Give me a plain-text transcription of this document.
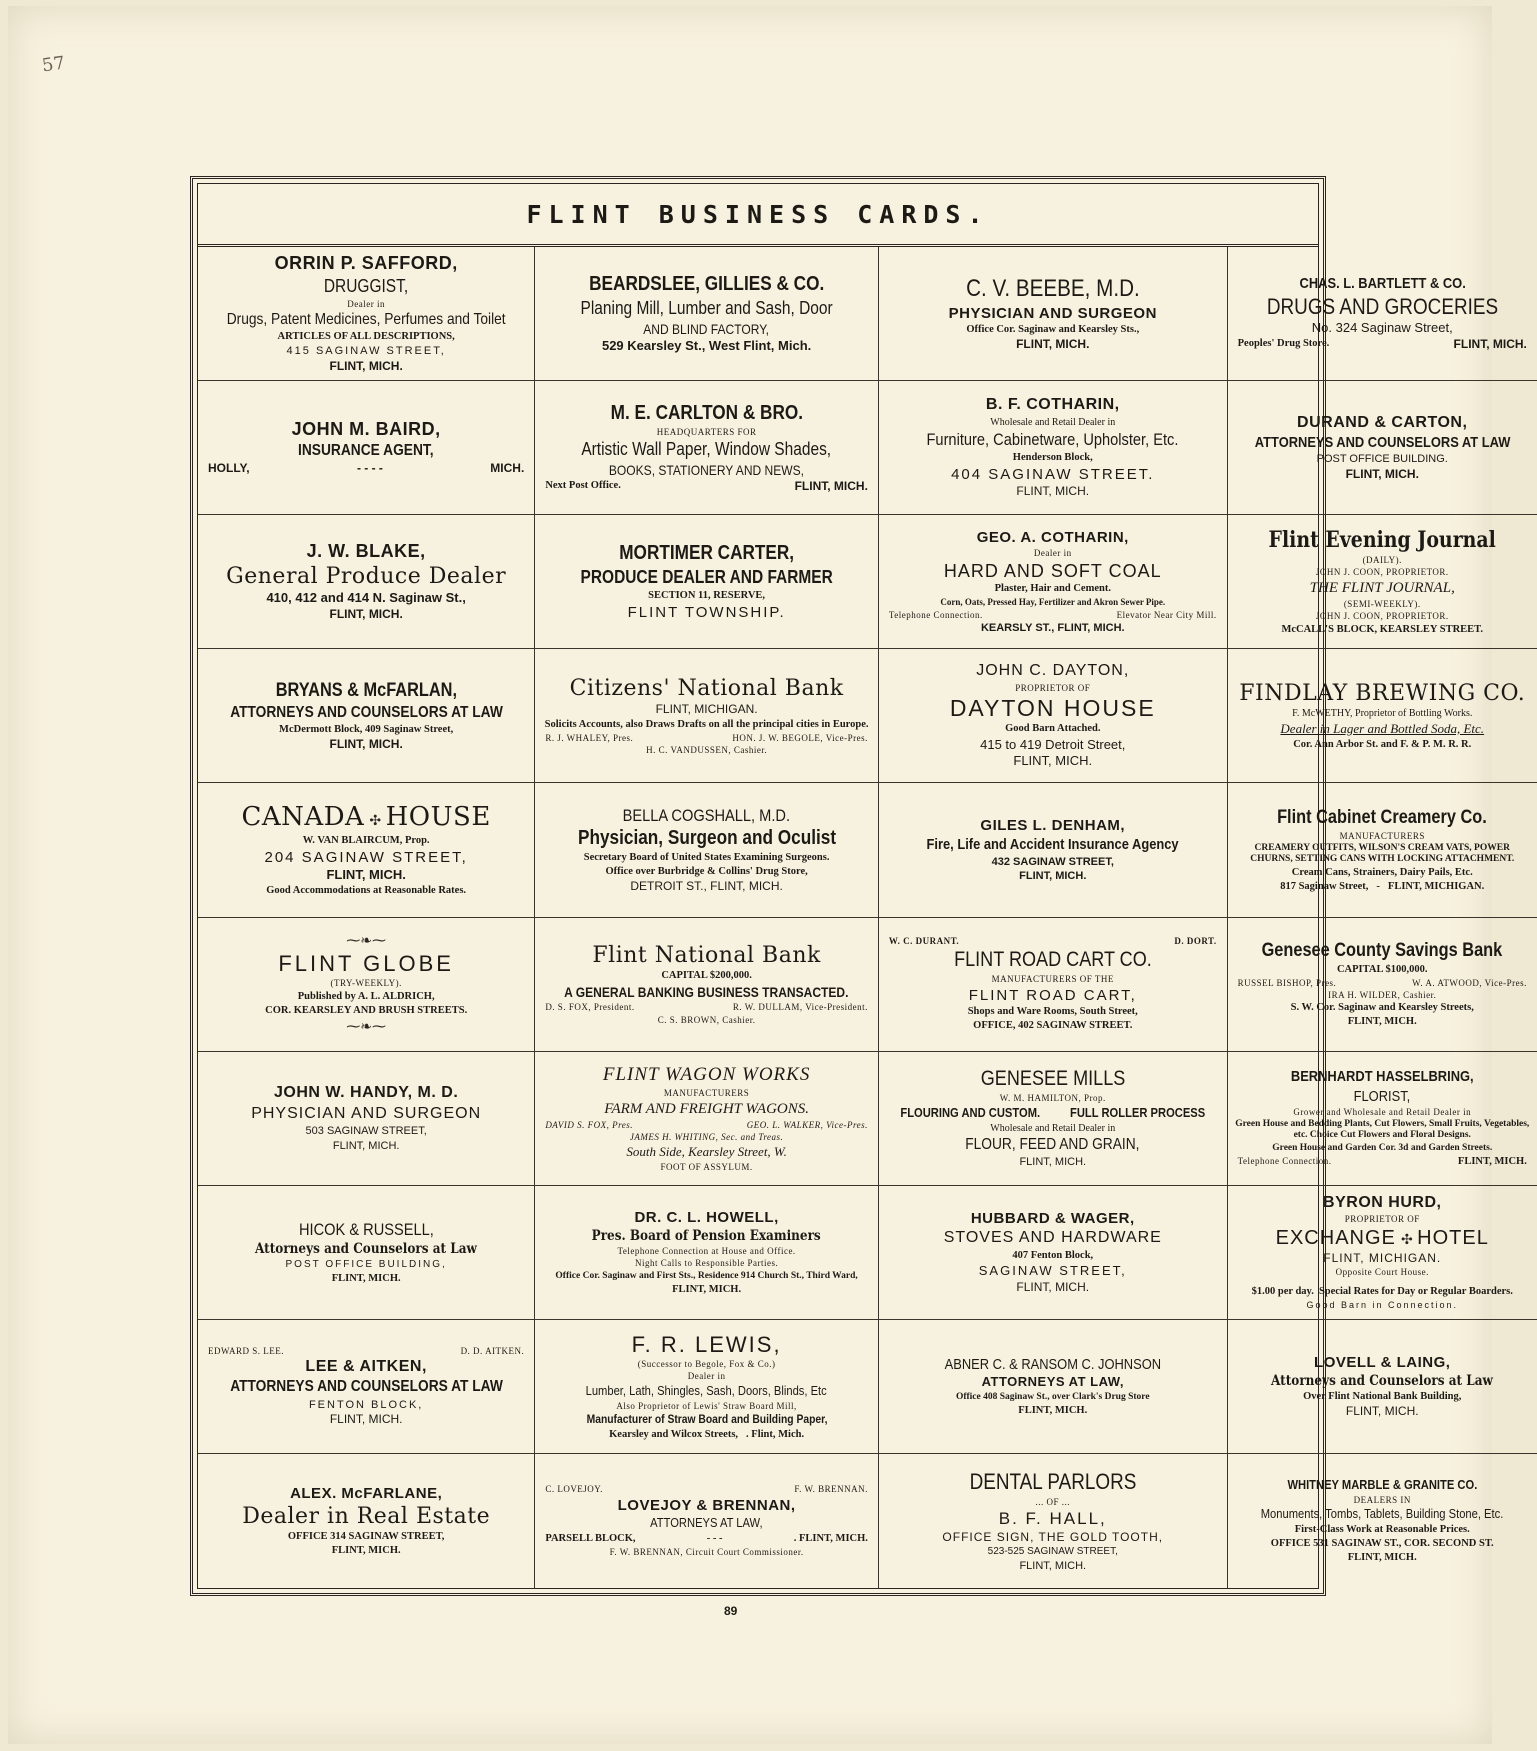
57
FLINT BUSINESS CARDS.
ORRIN P. SAFFORD,
DRUGGIST,
Dealer in
Drugs, Patent Medicines, Perfumes and Toilet
ARTICLES OF ALL DESCRIPTIONS,
415 SAGINAW STREET,
FLINT, MICH.
BEARDSLEE, GILLIES & CO.
Planing Mill, Lumber and Sash, Door
AND BLIND FACTORY,
529 Kearsley St., West Flint, Mich.
C. V. BEEBE, M.D.
PHYSICIAN AND SURGEON
Office Cor. Saginaw and Kearsley Sts.,
FLINT, MICH.
CHAS. L. BARTLETT & CO.
DRUGS AND GROCERIES
No. 324 Saginaw Street,
Peoples' Drug Store.	FLINT, MICH.
JOHN M. BAIRD,
INSURANCE AGENT,
HOLLY,	- - - -	MICH.
M. E. CARLTON & BRO.
HEADQUARTERS FOR
Artistic Wall Paper, Window Shades,
BOOKS, STATIONERY AND NEWS,
Next Post Office.	FLINT, MICH.
B. F. COTHARIN,
Wholesale and Retail Dealer in
Furniture, Cabinetware, Upholster, Etc.
Henderson Block,
404 SAGINAW STREET.
FLINT, MICH.
DURAND & CARTON,
ATTORNEYS AND COUNSELORS AT LAW
POST OFFICE BUILDING.
FLINT, MICH.
J. W. BLAKE,
General Produce Dealer
410, 412 and 414 N. Saginaw St.,
FLINT, MICH.
MORTIMER CARTER,
PRODUCE DEALER AND FARMER
SECTION 11, RESERVE,
FLINT TOWNSHIP.
GEO. A. COTHARIN,
Dealer in
HARD AND SOFT COAL
Plaster, Hair and Cement.
Corn, Oats, Pressed Hay, Fertilizer and Akron Sewer Pipe.
Telephone Connection.	Elevator Near City Mill.
KEARSLY ST., FLINT, MICH.
Flint Evening Journal
(DAILY).
JOHN J. COON, PROPRIETOR.
THE FLINT JOURNAL,
(SEMI-WEEKLY).
JOHN J. COON, PROPRIETOR.
McCALL'S BLOCK, KEARSLEY STREET.
BRYANS & McFARLAN,
ATTORNEYS AND COUNSELORS AT LAW
McDermott Block, 409 Saginaw Street,
FLINT, MICH.
Citizens' National Bank
FLINT, MICHIGAN.
Solicits Accounts, also Draws Drafts on all the principal cities in Europe.
R. J. WHALEY, Pres.	HON. J. W. BEGOLE, Vice-Pres.
H. C. VANDUSSEN, Cashier.
JOHN C. DAYTON,
PROPRIETOR OF
DAYTON HOUSE
Good Barn Attached.
415 to 419 Detroit Street,
FLINT, MICH.
FINDLAY BREWING CO.
F. McWETHY, Proprietor of Bottling Works.
Dealer in Lager and Bottled Soda, Etc.
Cor. Ann Arbor St. and F. & P. M. R. R.
CANADA ✣ HOUSE
W. VAN BLAIRCUM, Prop.
204 SAGINAW STREET,
FLINT, MICH.
Good Accommodations at Reasonable Rates.
BELLA COGSHALL, M.D.
Physician, Surgeon and Oculist
Secretary Board of United States Examining Surgeons.
Office over Burbridge & Collins' Drug Store,
DETROIT ST., FLINT, MICH.
GILES L. DENHAM,
Fire, Life and Accident Insurance Agency
432 SAGINAW STREET,
FLINT, MICH.
Flint Cabinet Creamery Co.
MANUFACTURERS
CREAMERY OUTFITS, WILSON'S CREAM VATS, POWER CHURNS, SETTING CANS WITH LOCKING ATTACHMENT.
Cream Cans, Strainers, Dairy Pails, Etc.
817 Saginaw Street, - FLINT, MICHIGAN.
⁓❧⁓
FLINT GLOBE
(TRY-WEEKLY).
Published by A. L. ALDRICH,
COR. KEARSLEY AND BRUSH STREETS.
⁓❧⁓
Flint National Bank
CAPITAL $200,000.
A GENERAL BANKING BUSINESS TRANSACTED.
D. S. FOX, President.	R. W. DULLAM, Vice-President.
C. S. BROWN, Cashier.
W. C. DURANT.	D. DORT.
FLINT ROAD CART CO.
MANUFACTURERS OF THE
FLINT ROAD CART,
Shops and Ware Rooms, South Street,
OFFICE, 402 SAGINAW STREET.
Genesee County Savings Bank
CAPITAL $100,000.
RUSSEL BISHOP, Pres.	W. A. ATWOOD, Vice-Pres.
IRA H. WILDER, Cashier.
S. W. Cor. Saginaw and Kearsley Streets,
FLINT, MICH.
JOHN W. HANDY, M. D.
PHYSICIAN AND SURGEON
503 SAGINAW STREET,
FLINT, MICH.
FLINT WAGON WORKS
MANUFACTURERS
FARM AND FREIGHT WAGONS.
DAVID S. FOX, Pres.	GEO. L. WALKER, Vice-Pres.
JAMES H. WHITING, Sec. and Treas.
South Side, Kearsley Street, W.
FOOT OF ASSYLUM.
GENESEE MILLS
W. M. HAMILTON, Prop.
FLOURING AND CUSTOM. FULL ROLLER PROCESS
Wholesale and Retail Dealer in
FLOUR, FEED AND GRAIN,
FLINT, MICH.
BERNHARDT HASSELBRING,
FLORIST,
Grower and Wholesale and Retail Dealer in
Green House and Bedding Plants, Cut Flowers, Small Fruits, Vegetables, etc. Choice Cut Flowers and Floral Designs.
Green House and Garden Cor. 3d and Garden Streets.
Telephone Connection.	FLINT, MICH.
HICOK & RUSSELL,
Attorneys and Counselors at Law
POST OFFICE BUILDING,
FLINT, MICH.
DR. C. L. HOWELL,
Pres. Board of Pension Examiners
Telephone Connection at House and Office.
Night Calls to Responsible Parties.
Office Cor. Saginaw and First Sts., Residence 914 Church St., Third Ward,
FLINT, MICH.
HUBBARD & WAGER,
STOVES AND HARDWARE
407 Fenton Block,
SAGINAW STREET,
FLINT, MICH.
BYRON HURD,
PROPRIETOR OF
EXCHANGE ✣ HOTEL
FLINT, MICHIGAN.
Opposite Court House.
$1.00 per day. Special Rates for Day or Regular Boarders.
Good Barn in Connection.
EDWARD S. LEE.	D. D. AITKEN.
LEE & AITKEN,
ATTORNEYS AND COUNSELORS AT LAW
FENTON BLOCK,
FLINT, MICH.
F. R. LEWIS,
(Successor to Begole, Fox & Co.)
Dealer in
Lumber, Lath, Shingles, Sash, Doors, Blinds, Etc
Also Proprietor of Lewis' Straw Board Mill,
Manufacturer of Straw Board and Building Paper,
Kearsley and Wilcox Streets, . Flint, Mich.
ABNER C. & RANSOM C. JOHNSON
ATTORNEYS AT LAW,
Office 408 Saginaw St., over Clark's Drug Store
FLINT, MICH.
LOVELL & LAING,
Attorneys and Counselors at Law
Over Flint National Bank Building,
FLINT, MICH.
ALEX. McFARLANE,
Dealer in Real Estate
OFFICE 314 SAGINAW STREET,
FLINT, MICH.
C. LOVEJOY.	F. W. BRENNAN.
LOVEJOY & BRENNAN,
ATTORNEYS AT LAW,
PARSELL BLOCK,	- - -	. FLINT, MICH.
F. W. BRENNAN, Circuit Court Commissioner.
DENTAL PARLORS
... OF ...
B. F. HALL,
OFFICE SIGN, THE GOLD TOOTH,
523-525 SAGINAW STREET,
FLINT, MICH.
WHITNEY MARBLE & GRANITE CO.
DEALERS IN
Monuments, Tombs, Tablets, Building Stone, Etc.
First-Class Work at Reasonable Prices.
OFFICE 531 SAGINAW ST., COR. SECOND ST.
FLINT, MICH.
89
